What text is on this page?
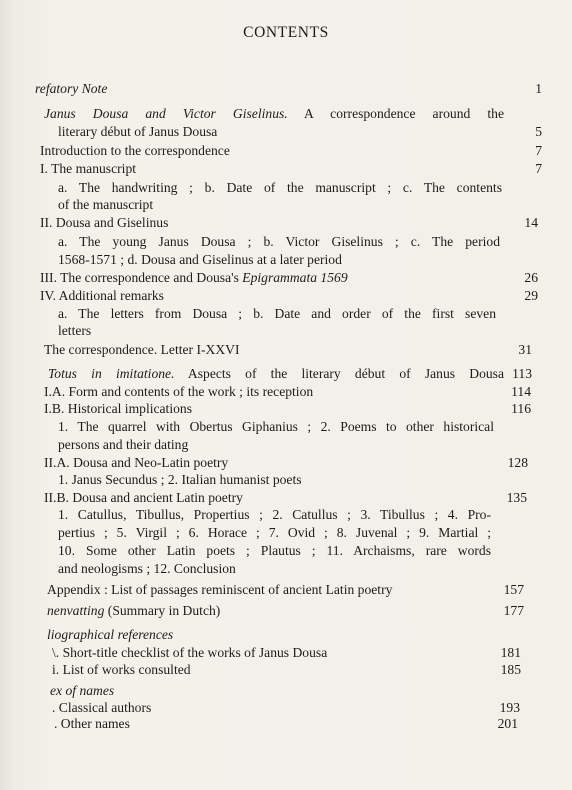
CONTENTS
refatory Note	1
Janus Dousa and Victor Giselinus. A correspondence around the
literary début of Janus Dousa	5
Introduction to the correspondence	7
I. The manuscript	7
a. The handwriting ; b. Date of the manuscript ; c. The contents
of the manuscript
II. Dousa and Giselinus	14
a. The young Janus Dousa ; b. Victor Giselinus ; c. The period
1568-1571 ; d. Dousa and Giselinus at a later period
III. The correspondence and Dousa's Epigrammata 1569	26
IV. Additional remarks	29
a. The letters from Dousa ; b. Date and order of the first seven
letters
The correspondence. Letter I-XXVI	31
Totus in imitatione. Aspects of the literary début of Janus Dousa 113
I.A. Form and contents of the work ; its reception	114
I.B. Historical implications	116
1. The quarrel with Obertus Giphanius ; 2. Poems to other historical
persons and their dating
II.A. Dousa and Neo-Latin poetry	128
1. Janus Secundus ; 2. Italian humanist poets
II.B. Dousa and ancient Latin poetry	135
1. Catullus, Tibullus, Propertius ; 2. Catullus ; 3. Tibullus ; 4. Pro-
pertius ; 5. Virgil ; 6. Horace ; 7. Ovid ; 8. Juvenal ; 9. Martial ;
10. Some other Latin poets ; Plautus ; 11. Archaisms, rare words
and neologisms ; 12. Conclusion
Appendix : List of passages reminiscent of ancient Latin poetry	157
nenvatting (Summary in Dutch)	177
liographical references
\. Short-title checklist of the works of Janus Dousa	181
i. List of works consulted	185
ex of names
. Classical authors	193
. Other names	201
